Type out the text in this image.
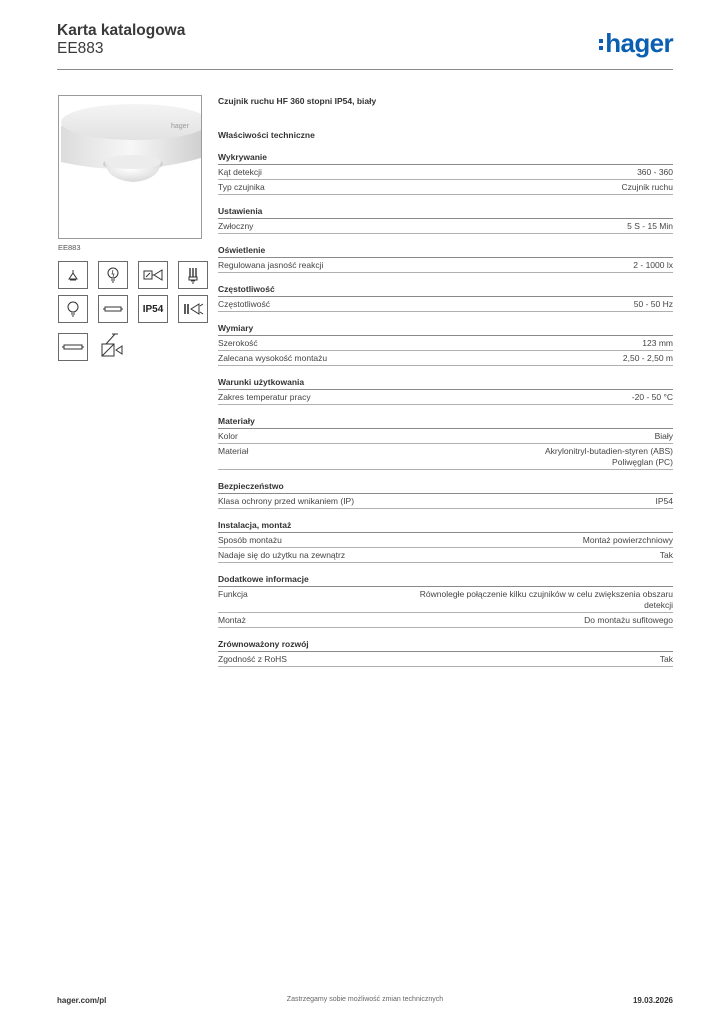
Karta katalogowa
EE883	hager
hager
EE883
IP54
Czujnik ruchu HF 360 stopni IP54, biały
Właściwości techniczne
Wykrywanie
Kąt detekcji	360 - 360
Typ czujnika	Czujnik ruchu
Ustawienia
Zwłoczny	5 S - 15 Min
Oświetlenie
Regulowana jasność reakcji	2 - 1000 lx
Częstotliwość
Częstotliwość	50 - 50 Hz
Wymiary
Szerokość	123 mm
Zalecana wysokość montażu	2,50 - 2,50 m
Warunki użytkowania
Zakres temperatur pracy	-20 - 50 °C
Materiały
Kolor	Biały
Materiał	Akrylonitryl-butadien-styren (ABS)
Poliwęglan (PC)
Bezpieczeństwo
Klasa ochrony przed wnikaniem (IP)	IP54
Instalacja, montaż
Sposób montażu	Montaż powierzchniowy
Nadaje się do użytku na zewnątrz	Tak
Dodatkowe informacje
Funkcja	Równoległe połączenie kilku czujników w celu zwiększenia obszaru
detekcji
Montaż	Do montażu sufitowego
Zrównoważony rozwój
Zgodność z RoHS	Tak
hager.com/pl	Zastrzegamy sobie możliwość zmian technicznych	19.03.2026
